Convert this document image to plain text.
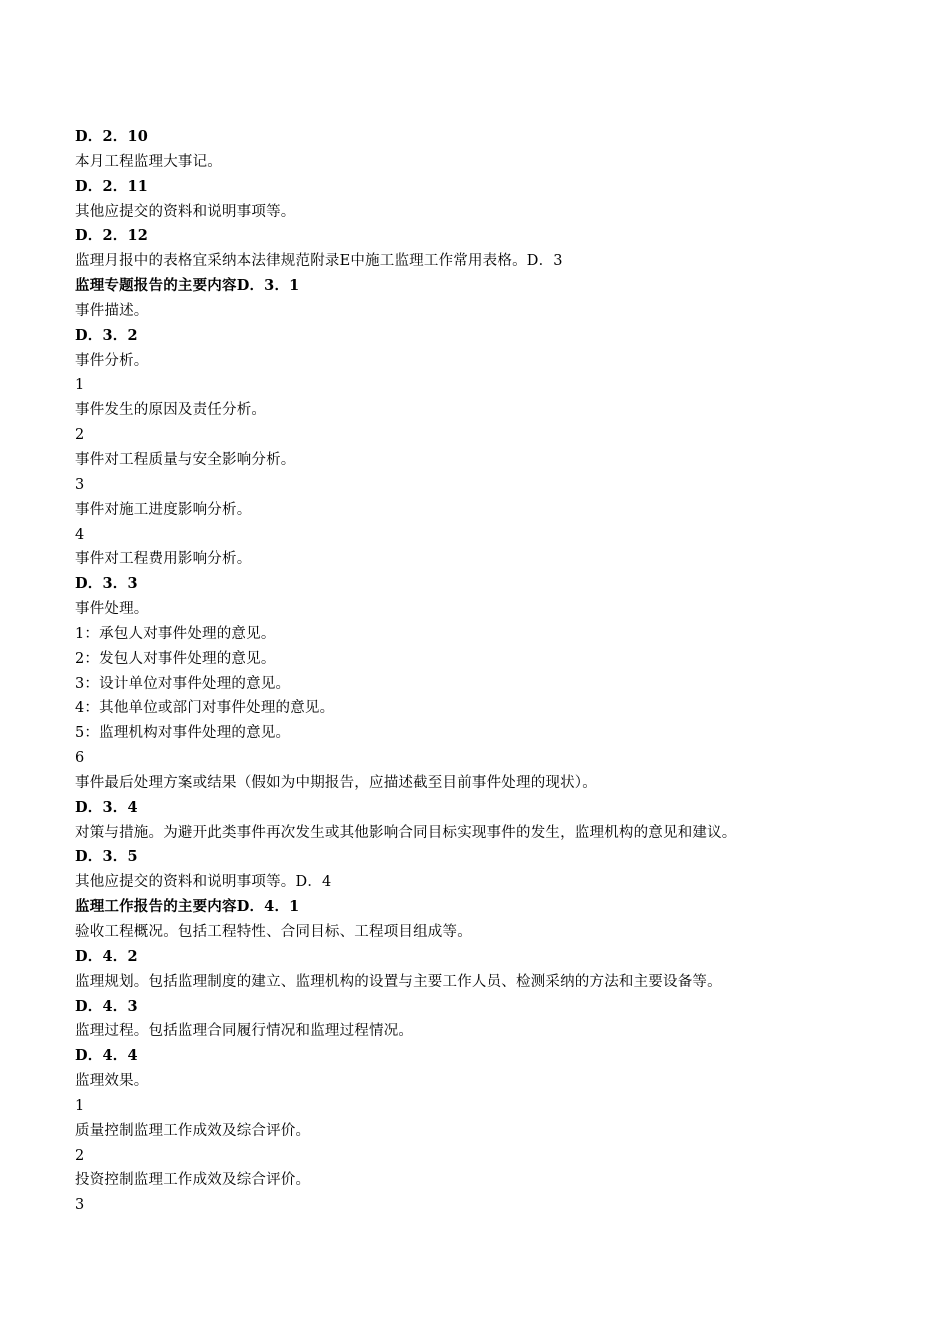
D．2．10
本月工程监理大事记。
D．2．11
其他应提交的资料和说明事项等。
D．2．12
监理月报中的表格宜采纳本法律规范附录E中施工监理工作常用表格。D．3
监理专题报告的主要内容D．3．1
事件描述。
D．3．2
事件分析。
1
事件发生的原因及责任分析。
2
事件对工程质量与安全影响分析。
3
事件对施工进度影响分析。
4
事件对工程费用影响分析。
D．3．3
事件处理。
1：承包人对事件处理的意见。
2：发包人对事件处理的意见。
3：设计单位对事件处理的意见。
4：其他单位或部门对事件处理的意见。
5：监理机构对事件处理的意见。
6
事件最后处理方案或结果（假如为中期报告，应描述截至目前事件处理的现状）。
D．3．4
对策与措施。为避开此类事件再次发生或其他影响合同目标实现事件的发生，监理机构的意见和建议。
D．3．5
其他应提交的资料和说明事项等。D．4
监理工作报告的主要内容D．4．1
验收工程概况。包括工程特性、合同目标、工程项目组成等。
D．4．2
监理规划。包括监理制度的建立、监理机构的设置与主要工作人员、检测采纳的方法和主要设备等。
D．4．3
监理过程。包括监理合同履行情况和监理过程情况。
D．4．4
监理效果。
1
质量控制监理工作成效及综合评价。
2
投资控制监理工作成效及综合评价。
3
